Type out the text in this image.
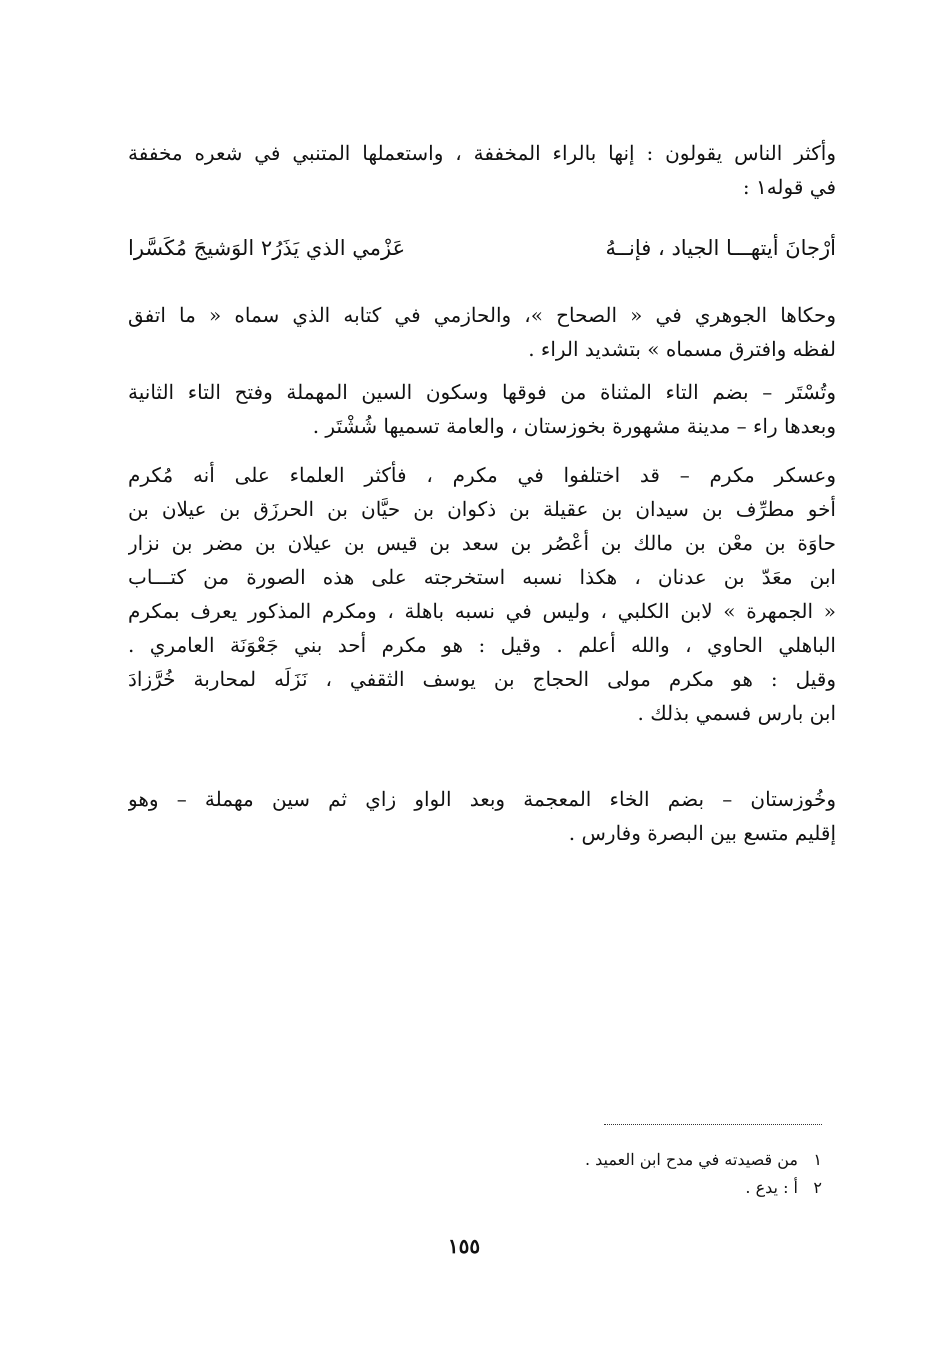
وأكثر الناس يقولون : إنها بالراء المخففة ، واستعملها المتنبي في شعره مخففة
في قوله١ :
أرْجانَ أيتهـــا الجياد ، فإنــهُ
عَزْمي الذي يَذَرُ٢ الوَشيجَ مُكَسَّرا
وحكاها الجوهري في « الصحاح »، والحازمي في كتابه الذي سماه « ما اتفق
لفظه وافترق مسماه » بتشديد الراء .
وتُسْتَر – بضم التاء المثناة من فوقها وسكون السين المهملة وفتح التاء الثانية
وبعدها راء – مدينة مشهورة بخوزستان ، والعامة تسميها شُشْتَر .
وعسكر مكرم – قد اختلفوا في مكرم ، فأكثر العلماء على أنه مُكرم
أخو مطرِّف بن سيدان بن عقيلة بن ذكوان بن حيَّان بن الحرزَق بن عيلان بن
حاوَة بن معْن بن مالك بن أعْصُر بن سعد بن قيس بن عيلان بن مضر بن نزار
ابن معَدّ بن عدنان ، هكذا نسبه استخرجته على هذه الصورة من كتـــاب
« الجمهرة » لابن الكلبي ، وليس في نسبه باهلة ، ومكرم المذكور يعرف بمكرم
الباهلي الحاوي ، والله أعلم . وقيل : هو مكرم أحد بني جَعْوَنَة العامري .
وقيل : هو مكرم مولى الحجاج بن يوسف الثقفي ، نَزَلَه لمحاربة خُرَّزادَ
ابن بارس فسمي بذلك .
وخُوزستان – بضم الخاء المعجمة وبعد الواو زاي ثم سين مهملة – وهو
إقليم متسع بين البصرة وفارس .
١من قصيدته في مدح ابن العميد .
٢أ : يدع .
١٥٥
